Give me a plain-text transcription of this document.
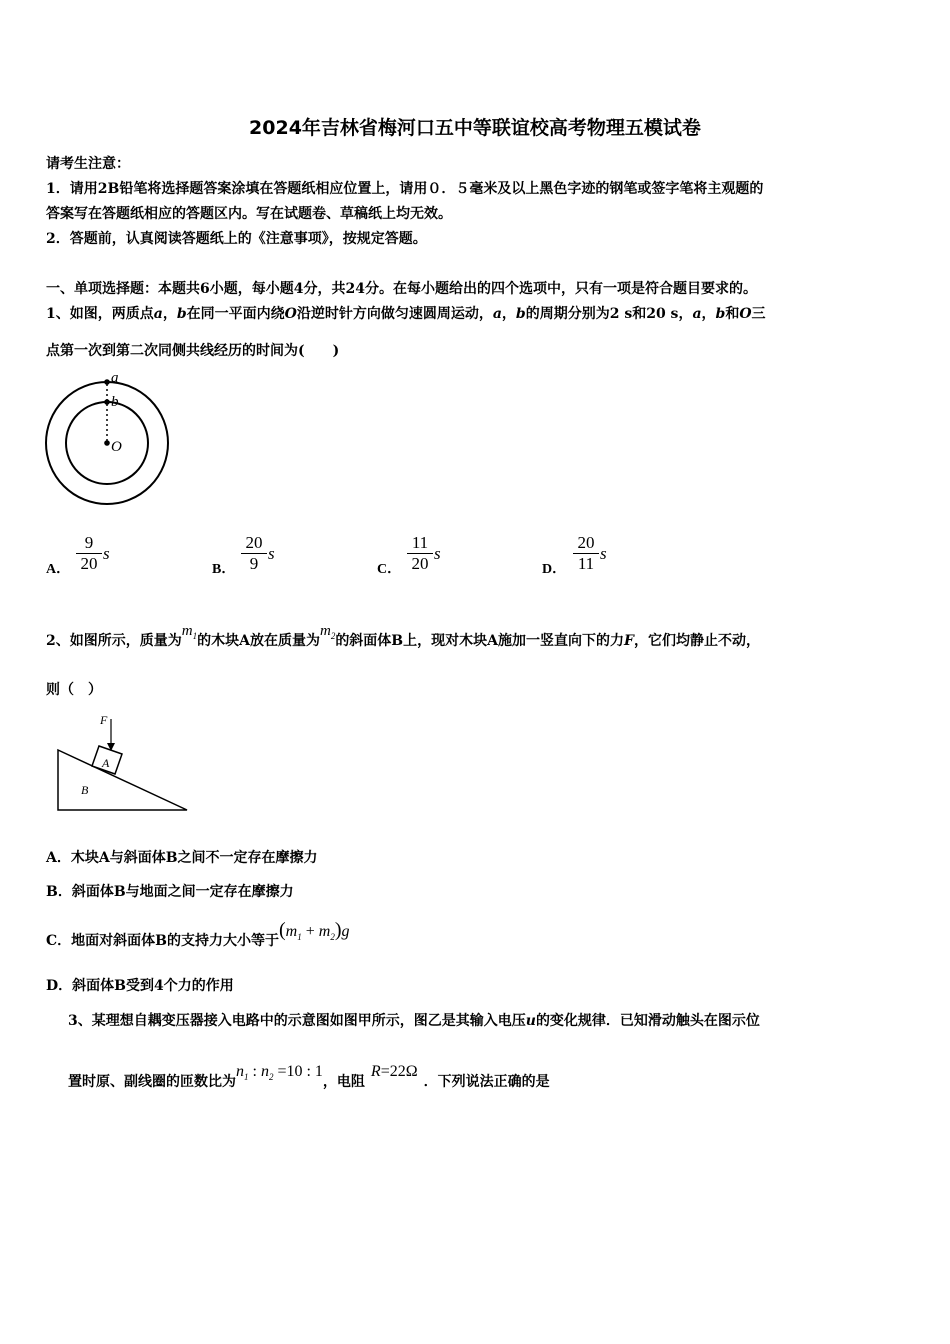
2024年吉林省梅河口五中等联谊校高考物理五模试卷
请考生注意：
1．请用2B铅笔将选择题答案涂填在答题纸相应位置上，请用０．５毫米及以上黑色字迹的钢笔或签字笔将主观题的
答案写在答题纸相应的答题区内。写在试题卷、草稿纸上均无效。
2．答题前，认真阅读答题纸上的《注意事项》，按规定答题。
一、单项选择题：本题共6小题，每小题4分，共24分。在每小题给出的四个选项中，只有一项是符合题目要求的。
1、如图，两质点a，b在同一平面内绕O沿逆时针方向做匀速圆周运动，a，b的周期分别为2 s和20 s，a，b和O三
点第一次到第二次同侧共线经历的时间为(　　)
a
b
O
A． $\frac{9}{20}$ s
B． $\frac{20}{9}$ s
C． $\frac{11}{20}$ s
D． $\frac{20}{11}$ s
2、如图所示，质量为$m_1$的木块A放在质量为$m_2$的斜面体B上，现对木块A施加一竖直向下的力F，它们均静止不动，
则（　）
F
A
B
A．木块A与斜面体B之间不一定存在摩擦力
B．斜面体B与地面之间一定存在摩擦力
C．地面对斜面体B的支持力大小等于$(m_1 + m_2)g$
D．斜面体B受到4个力的作用
3、某理想自耦变压器接入电路中的示意图如图甲所示，图乙是其输入电压u的变化规律．已知滑动触头在图示位
置时原、副线圈的匝数比为$n_1$ : $n_2 =10$ : 1，电阻R=22Ω．下列说法正确的是
